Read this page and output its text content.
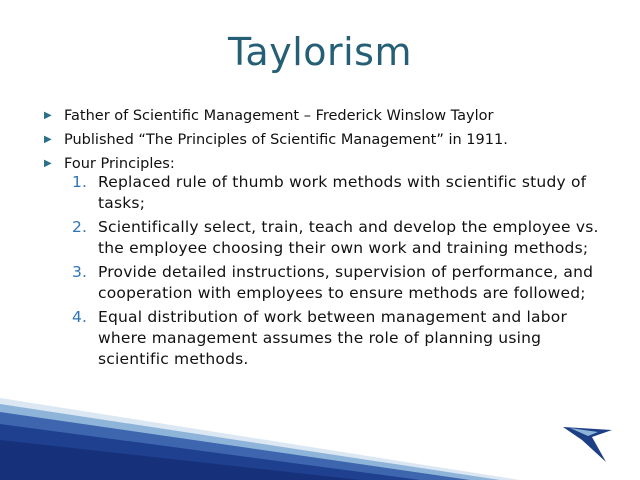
Taylorism
▶ Father of Scientific Management – Frederick Winslow Taylor
▶ Published “The Principles of Scientific Management” in 1911.
▶ Four Principles:
1. Replaced rule of thumb work methods with scientific study of tasks;
2. Scientifically select, train, teach and develop the employee vs. the employee choosing their own work and training methods;
3. Provide detailed instructions, supervision of performance, and cooperation with employees to ensure methods are followed;
4. Equal distribution of work between management and labor where management assumes the role of planning using scientific methods.
